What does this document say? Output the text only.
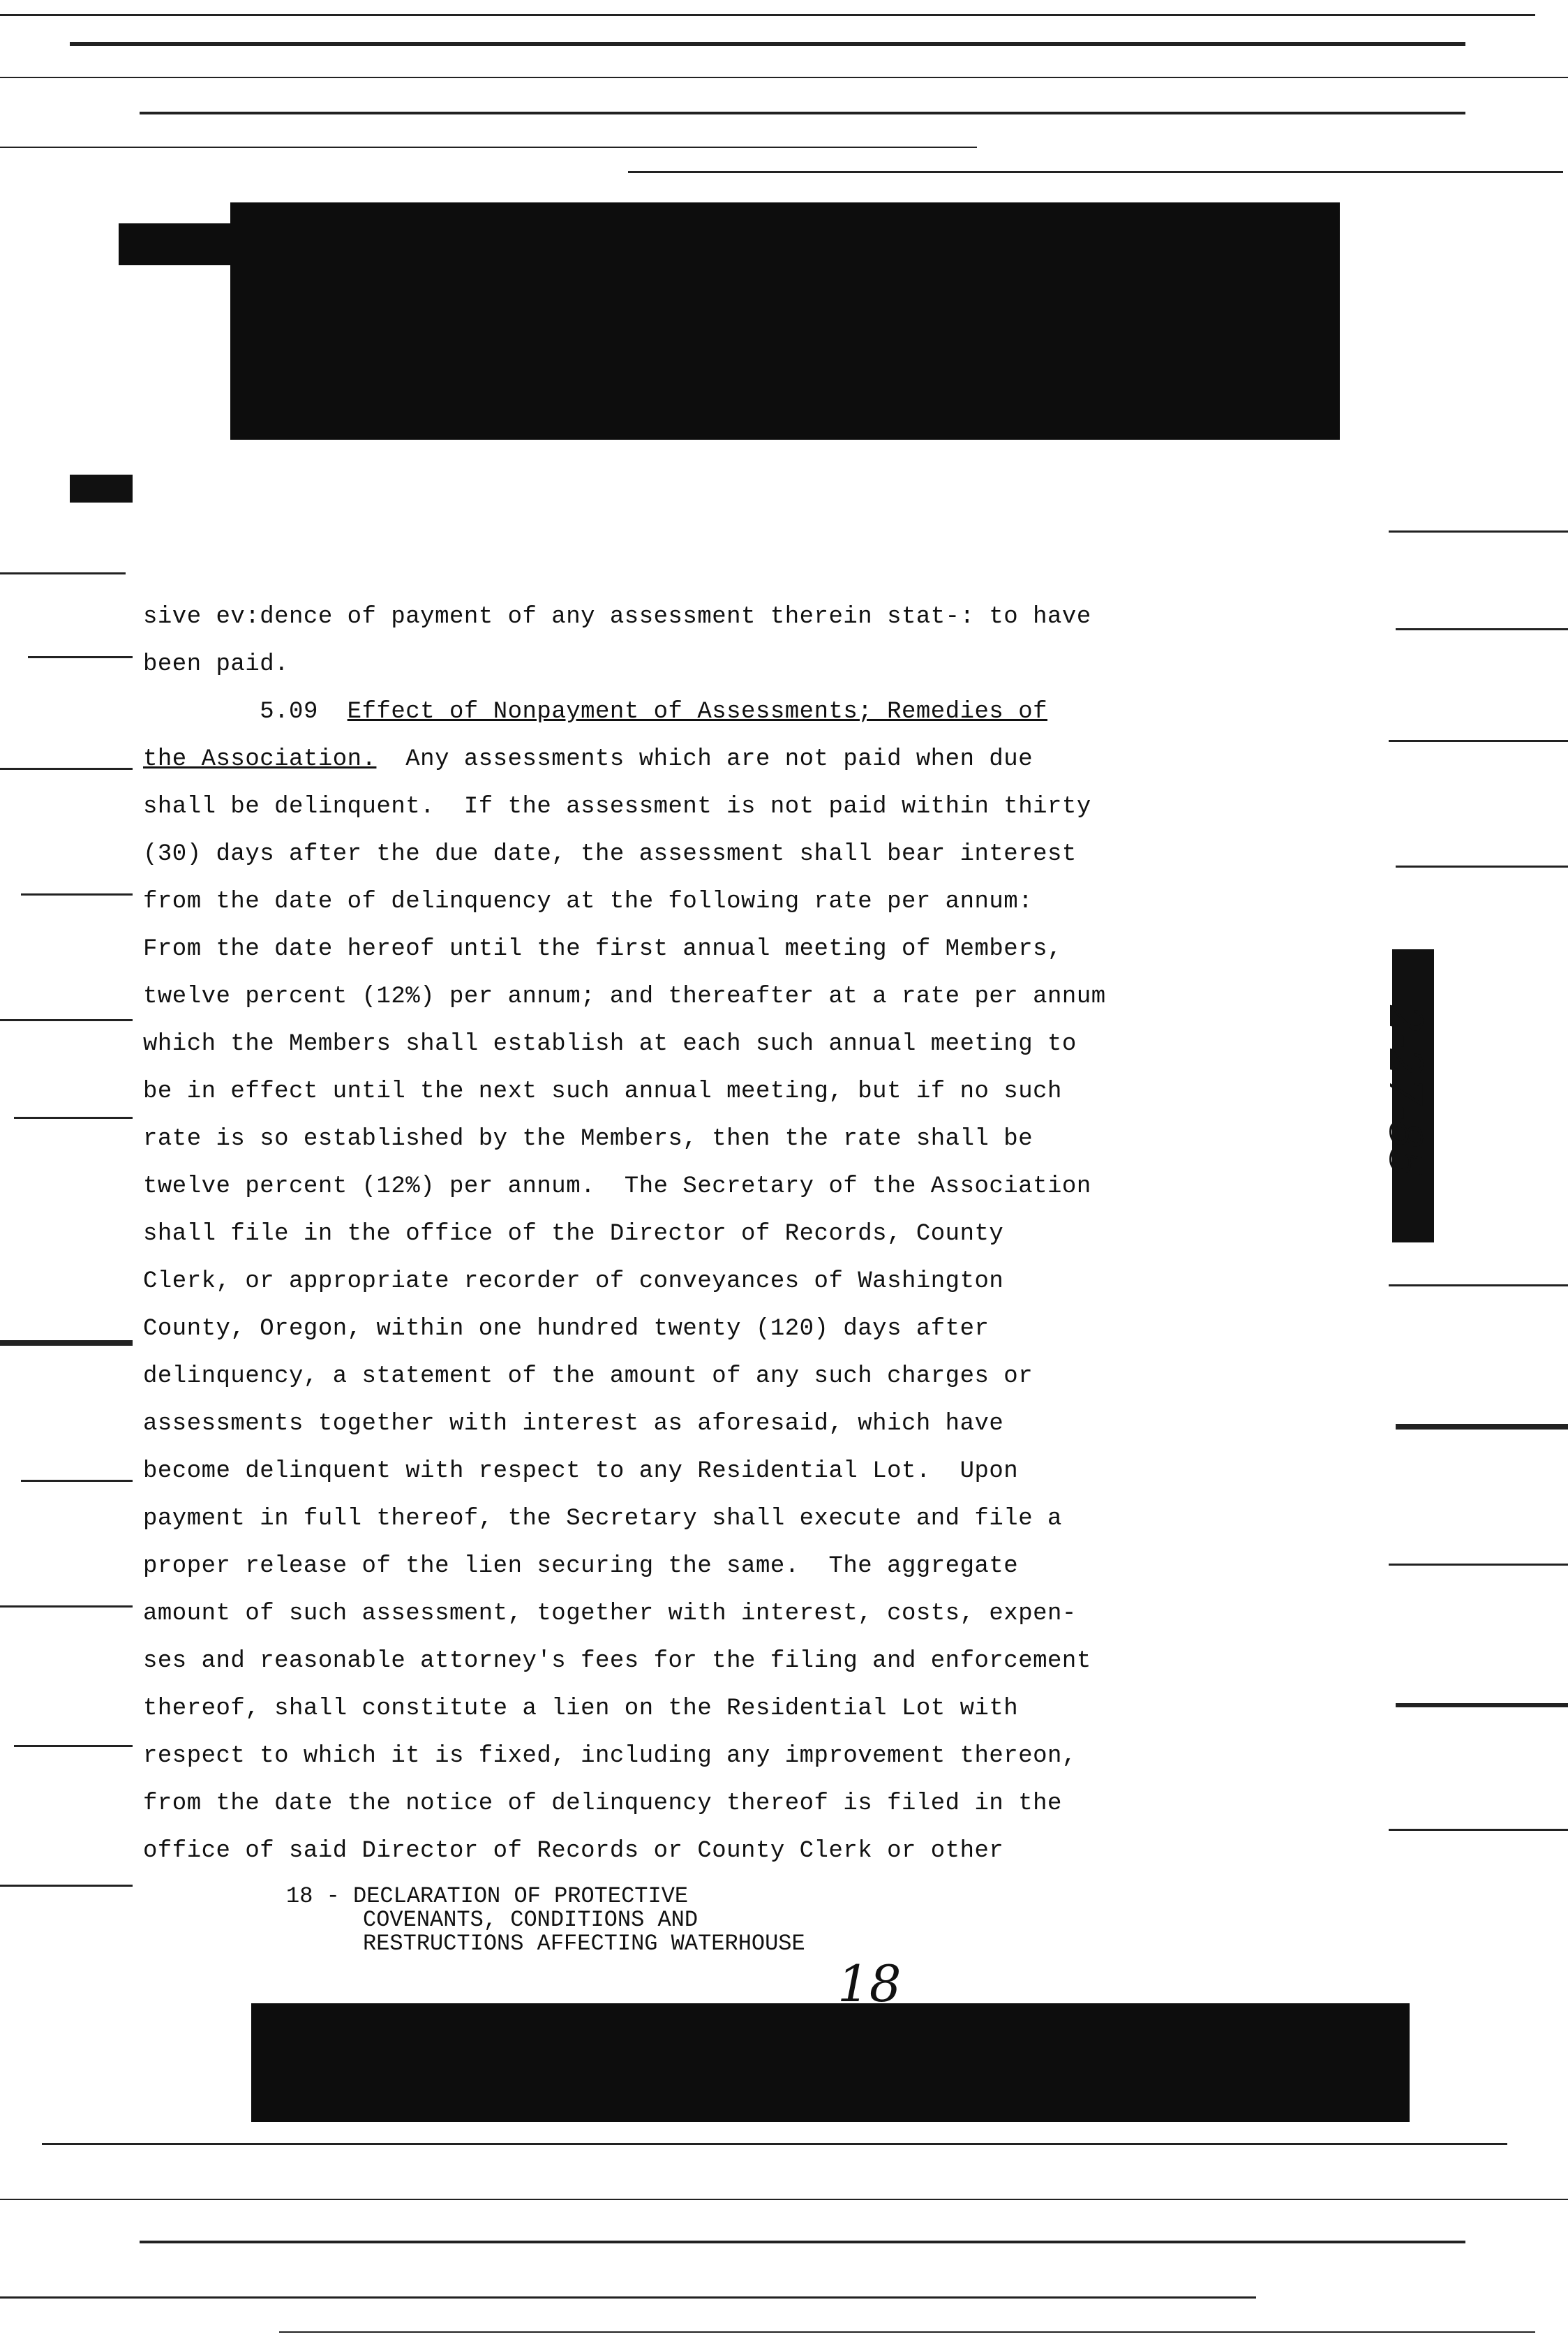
sive ev:dence of payment of any assessment therein stat-: to have
been paid.
5.09 Effect of Nonpayment of Assessments; Remedies of
the Association.  Any assessments which are not paid when due
shall be delinquent.  If the assessment is not paid within thirty
(30) days after the due date, the assessment shall bear interest
from the date of delinquency at the following rate per annum:
From the date hereof until the first annual meeting of Members,
twelve percent (12%) per annum; and thereafter at a rate per annum
which the Members shall establish at each such annual meeting to
be in effect until the next such annual meeting, but if no such
rate is so established by the Members, then the rate shall be
twelve percent (12%) per annum.  The Secretary of the Association
shall file in the office of the Director of Records, County
Clerk, or appropriate recorder of conveyances of Washington
County, Oregon, within one hundred twenty (120) days after
delinquency, a statement of the amount of any such charges or
assessments together with interest as aforesaid, which have
become delinquent with respect to any Residential Lot.  Upon
payment in full thereof, the Secretary shall execute and file a
proper release of the lien securing the same.  The aggregate
amount of such assessment, together with interest, costs, expen-
ses and reasonable attorney's fees for the filing and enforcement
thereof, shall constitute a lien on the Residential Lot with
respect to which it is fixed, including any improvement thereon,
from the date the notice of delinquency thereof is filed in the
office of said Director of Records or County Clerk or other
18 - DECLARATION OF PROTECTIVE
COVENANTS, CONDITIONS AND
RESTRUCTIONS AFFECTING WATERHOUSE
2-27-85
18
